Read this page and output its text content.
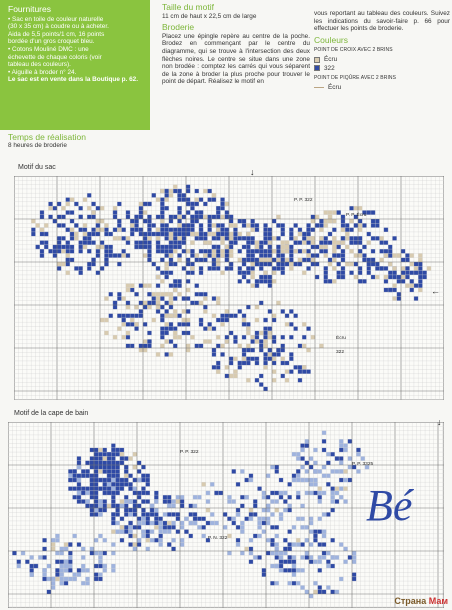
Fournitures

• Sac en toile de couleur naturelle

(30 x 35 cm) à coudre ou à acheter.

Aida de 5,5 points/1 cm, 16 points

bordée d'un gros croquet bleu.

• Cotons Mouliné DMC : une

échevette de chaque coloris (voir

tableau des couleurs).

• Aiguille à broder n° 24.

Le sac est en vente dans la Boutique p. 62.

Temps de réalisation

8 heures de broderie

Taille du motif

11 cm de haut x 22,5 cm de large

Broderie

Placez une épingle repère au centre de la poche. Brodez en commençant par le centre du diagramme, qui se trouve à l'intersection des deux flèches noires. Le centre se situe dans une zone non brodée : comptez les carrés qui vous séparent de la zone à broder la plus proche pour trouver le point de départ. Réalisez le motif en

vous reportant au tableau des couleurs. Suivez les indications du savoir-faire p. 66 pour effectuer les points de broderie.

Couleurs
POINT DE CROIX AVEC 2 BRINS
Écru
322
POINT DE PIQÛRE AVEC 2 BRINS
Écru
Motif du sac	↓
←
P. P. 322
P. P. Écru
Écru
322
Motif de la cape de bain
↓
P. P. 322
P. P. 3325
P. N. 322
Bé
Страна Мам
